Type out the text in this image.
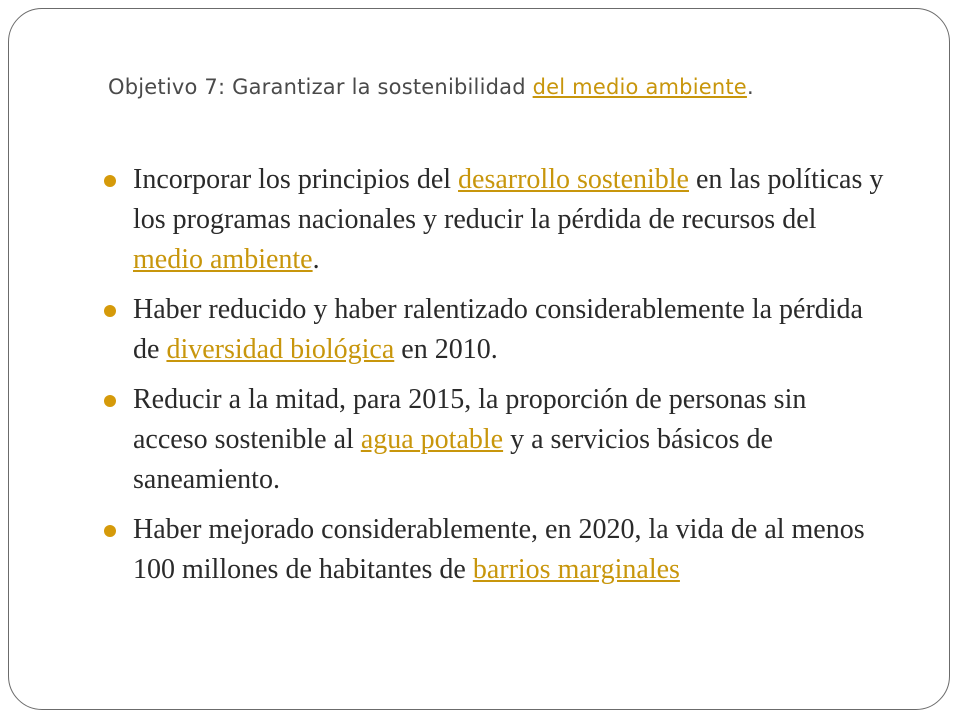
Objetivo 7: Garantizar la sostenibilidad del medio ambiente.
Incorporar los principios del desarrollo sostenible en las políticas y los programas nacionales y reducir la pérdida de recursos del medio ambiente.
Haber reducido y haber ralentizado considerablemente la pérdida de diversidad biológica en 2010.
Reducir a la mitad, para 2015, la proporción de personas sin acceso sostenible al agua potable y a servicios básicos de saneamiento.
Haber mejorado considerablemente, en 2020, la vida de al menos 100 millones de habitantes de barrios marginales
